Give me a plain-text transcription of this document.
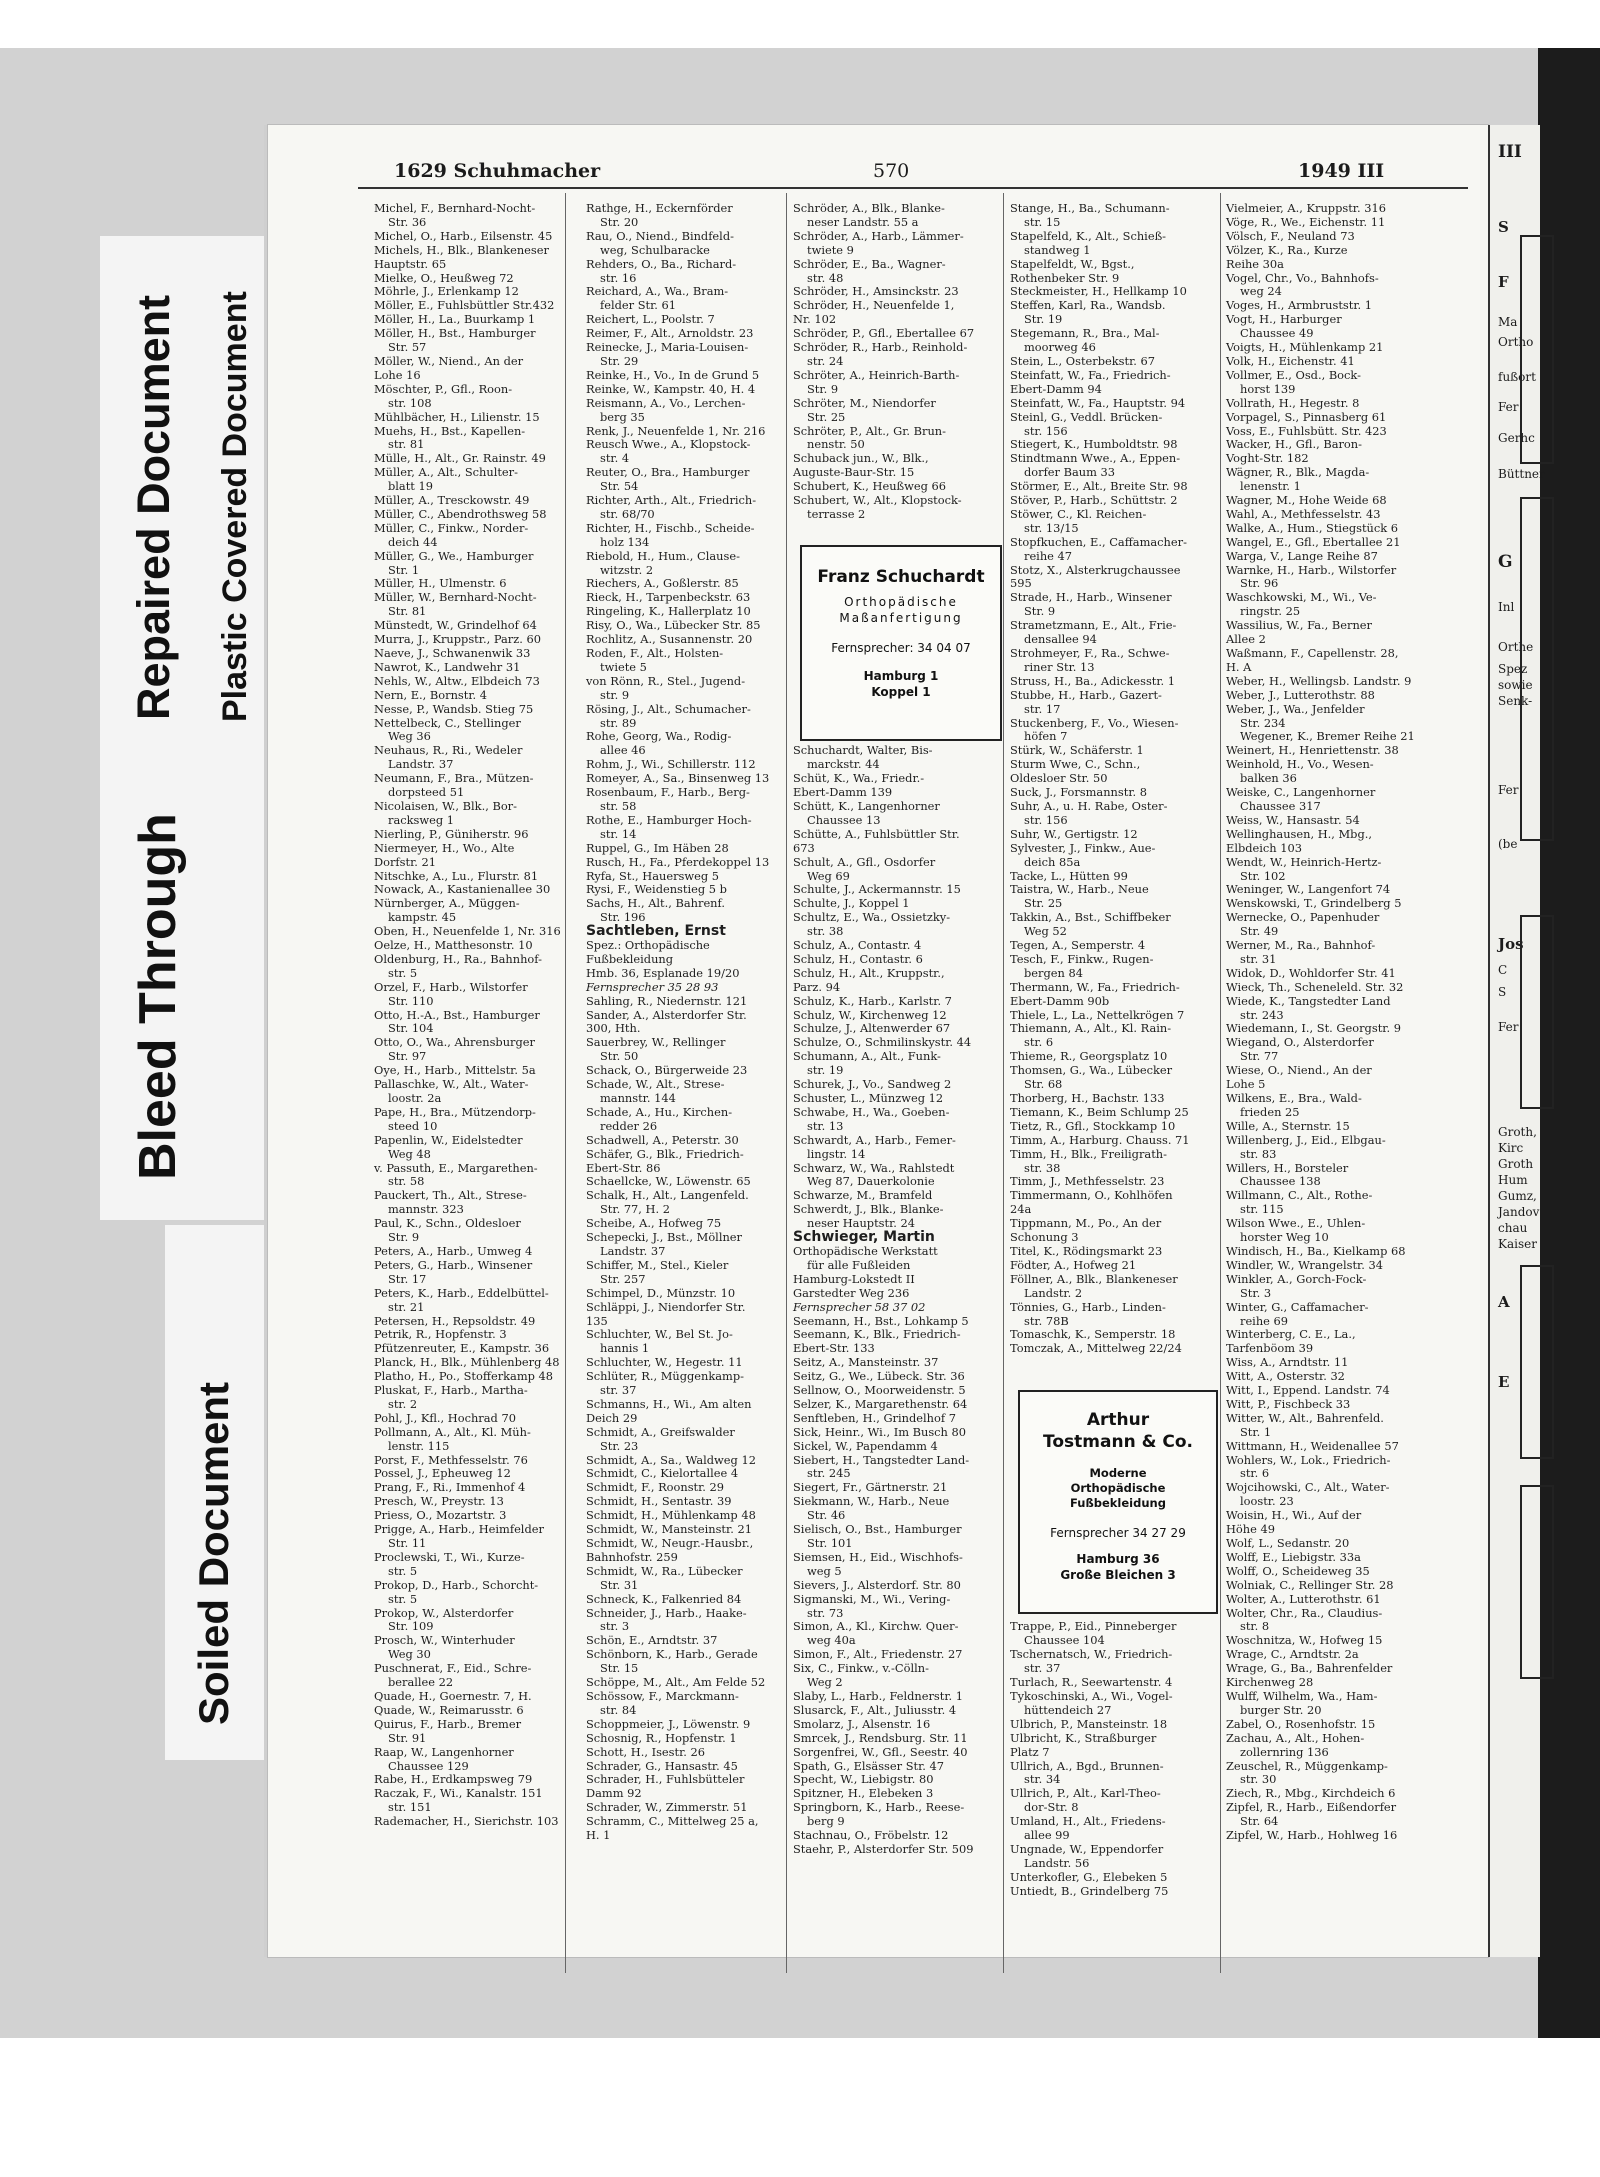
Bleed Through
Repaired Document Plastic Covered Document
Soiled Document
1629 Schuhmacher	570	1949 III
Michel, F., Bernhard-Nocht-
Str. 36
Michel, O., Harb., Eilsenstr. 45
Michels, H., Blk., Blankeneser
Hauptstr. 65
Mielke, O., Heußweg 72
Möhrle, J., Erlenkamp 12
Möller, E., Fuhlsbüttler Str.432
Möller, H., La., Buurkamp 1
Möller, H., Bst., Hamburger
Str. 57
Möller, W., Niend., An der
Lohe 16
Möschter, P., Gfl., Roon-
str. 108
Mühlbächer, H., Lilienstr. 15
Muehs, H., Bst., Kapellen-
str. 81
Mülle, H., Alt., Gr. Rainstr. 49
Müller, A., Alt., Schulter-
blatt 19
Müller, A., Tresckowstr. 49
Müller, C., Abendrothsweg 58
Müller, C., Finkw., Norder-
deich 44
Müller, G., We., Hamburger
Str. 1
Müller, H., Ulmenstr. 6
Müller, W., Bernhard-Nocht-
Str. 81
Münstedt, W., Grindelhof 64
Murra, J., Kruppstr., Parz. 60
Naeve, J., Schwanenwik 33
Nawrot, K., Landwehr 31
Nehls, W., Altw., Elbdeich 73
Nern, E., Bornstr. 4
Nesse, P., Wandsb. Stieg 75
Nettelbeck, C., Stellinger
Weg 36
Neuhaus, R., Ri., Wedeler
Landstr. 37
Neumann, F., Bra., Mützen-
dorpsteed 51
Nicolaisen, W., Blk., Bor-
racksweg 1
Nierling, P., Güniherstr. 96
Niermeyer, H., Wo., Alte
Dorfstr. 21
Nitschke, A., Lu., Flurstr. 81
Nowack, A., Kastanienallee 30
Nürnberger, A., Müggen-
kampstr. 45
Oben, H., Neuenfelde 1, Nr. 316
Oelze, H., Matthesonstr. 10
Oldenburg, H., Ra., Bahnhof-
str. 5
Orzel, F., Harb., Wilstorfer
Str. 110
Otto, H.-A., Bst., Hamburger
Str. 104
Otto, O., Wa., Ahrensburger
Str. 97
Oye, H., Harb., Mittelstr. 5a
Pallaschke, W., Alt., Water-
loostr. 2a
Pape, H., Bra., Mützendorp-
steed 10
Papenlin, W., Eidelstedter
Weg 48
v. Passuth, E., Margarethen-
str. 58
Pauckert, Th., Alt., Strese-
mannstr. 323
Paul, K., Schn., Oldesloer
Str. 9
Peters, A., Harb., Umweg 4
Peters, G., Harb., Winsener
Str. 17
Peters, K., Harb., Eddelbüttel-
str. 21
Petersen, H., Repsoldstr. 49
Petrik, R., Hopfenstr. 3
Pfützenreuter, E., Kampstr. 36
Planck, H., Blk., Mühlenberg 48
Platho, H., Po., Stofferkamp 48
Pluskat, F., Harb., Martha-
str. 2
Pohl, J., Kfl., Hochrad 70
Pollmann, A., Alt., Kl. Müh-
lenstr. 115
Porst, F., Methfesselstr. 76
Possel, J., Epheuweg 12
Prang, F., Ri., Immenhof 4
Presch, W., Preystr. 13
Priess, O., Mozartstr. 3
Prigge, A., Harb., Heimfelder
Str. 11
Proclewski, T., Wi., Kurze-
str. 5
Prokop, D., Harb., Schorcht-
str. 5
Prokop, W., Alsterdorfer
Str. 109
Prosch, W., Winterhuder
Weg 30
Puschnerat, F., Eid., Schre-
berallee 22
Quade, H., Goernestr. 7, H.
Quade, W., Reimarusstr. 6
Quirus, F., Harb., Bremer
Str. 91
Raap, W., Langenhorner
Chaussee 129
Rabe, H., Erdkampsweg 79
Raczak, F., Wi., Kanalstr. 151
str. 151
Rademacher, H., Sierichstr. 103
Rathge, H., Eckernförder
Str. 20
Rau, O., Niend., Bindfeld-
weg, Schulbaracke
Rehders, O., Ba., Richard-
str. 16
Reichard, A., Wa., Bram-
felder Str. 61
Reichert, L., Poolstr. 7
Reimer, F., Alt., Arnoldstr. 23
Reinecke, J., Maria-Louisen-
Str. 29
Reinke, H., Vo., In de Grund 5
Reinke, W., Kampstr. 40, H. 4
Reismann, A., Vo., Lerchen-
berg 35
Renk, J., Neuenfelde 1, Nr. 216
Reusch Wwe., A., Klopstock-
str. 4
Reuter, O., Bra., Hamburger
Str. 54
Richter, Arth., Alt., Friedrich-
str. 68/70
Richter, H., Fischb., Scheide-
holz 134
Riebold, H., Hum., Clause-
witzstr. 2
Riechers, A., Goßlerstr. 85
Rieck, H., Tarpenbeckstr. 63
Ringeling, K., Hallerplatz 10
Risy, O., Wa., Lübecker Str. 85
Rochlitz, A., Susannenstr. 20
Roden, F., Alt., Holsten-
twiete 5
von Rönn, R., Stel., Jugend-
str. 9
Rösing, J., Alt., Schumacher-
str. 89
Rohe, Georg, Wa., Rodig-
allee 46
Rohm, J., Wi., Schillerstr. 112
Romeyer, A., Sa., Binsenweg 13
Rosenbaum, F., Harb., Berg-
str. 58
Rothe, E., Hamburger Hoch-
str. 14
Ruppel, G., Im Häben 28
Rusch, H., Fa., Pferdekoppel 13
Ryfa, St., Hauersweg 5
Rysi, F., Weidenstieg 5 b
Sachs, H., Alt., Bahrenf.
Str. 196
Sachtleben, Ernst
Spez.: Orthopädische
Fußbekleidung
Hmb. 36, Esplanade 19/20
Fernsprecher 35 28 93
Sahling, R., Niedernstr. 121
Sander, A., Alsterdorfer Str.
300, Hth.
Sauerbrey, W., Rellinger
Str. 50
Schack, O., Bürgerweide 23
Schade, W., Alt., Strese-
mannstr. 144
Schade, A., Hu., Kirchen-
redder 26
Schadwell, A., Peterstr. 30
Schäfer, G., Blk., Friedrich-
Ebert-Str. 86
Schaellcke, W., Löwenstr. 65
Schalk, H., Alt., Langenfeld.
Str. 77, H. 2
Scheibe, A., Hofweg 75
Schepecki, J., Bst., Möllner
Landstr. 37
Schiffer, M., Stel., Kieler
Str. 257
Schimpel, D., Münzstr. 10
Schläppi, J., Niendorfer Str.
135
Schluchter, W., Bel St. Jo-
hannis 1
Schluchter, W., Hegestr. 11
Schlüter, R., Müggenkamp-
str. 37
Schmanns, H., Wi., Am alten
Deich 29
Schmidt, A., Greifswalder
Str. 23
Schmidt, A., Sa., Waldweg 12
Schmidt, C., Kielortallee 4
Schmidt, F., Roonstr. 29
Schmidt, H., Sentastr. 39
Schmidt, H., Mühlenkamp 48
Schmidt, W., Mansteinstr. 21
Schmidt, W., Neugr.-Hausbr.,
Bahnhofstr. 259
Schmidt, W., Ra., Lübecker
Str. 31
Schneck, K., Falkenried 84
Schneider, J., Harb., Haake-
str. 3
Schön, E., Arndtstr. 37
Schönborn, K., Harb., Gerade
Str. 15
Schöppe, M., Alt., Am Felde 52
Schössow, F., Marckmann-
str. 84
Schoppmeier, J., Löwenstr. 9
Schosnig, R., Hopfenstr. 1
Schott, H., Isestr. 26
Schrader, G., Hansastr. 45
Schrader, H., Fuhlsbütteler
Damm 92
Schrader, W., Zimmerstr. 51
Schramm, C., Mittelweg 25 a,
H. 1
Schröder, A., Blk., Blanke-
neser Landstr. 55 a
Schröder, A., Harb., Lämmer-
twiete 9
Schröder, E., Ba., Wagner-
str. 48
Schröder, H., Amsinckstr. 23
Schröder, H., Neuenfelde 1,
Nr. 102
Schröder, P., Gfl., Ebertallee 67
Schröder, R., Harb., Reinhold-
str. 24
Schröter, A., Heinrich-Barth-
Str. 9
Schröter, M., Niendorfer
Str. 25
Schröter, P., Alt., Gr. Brun-
nenstr. 50
Schuback jun., W., Blk.,
Auguste-Baur-Str. 15
Schubert, K., Heußweg 66
Schubert, W., Alt., Klopstock-
terrasse 2

Schuchardt, Walter, Bis-
marckstr. 44
Schüt, K., Wa., Friedr.-
Ebert-Damm 139
Schütt, K., Langenhorner
Chaussee 13
Schütte, A., Fuhlsbüttler Str.
673
Schult, A., Gfl., Osdorfer
Weg 69
Schulte, J., Ackermannstr. 15
Schulte, J., Koppel 1
Schultz, E., Wa., Ossietzky-
str. 38
Schulz, A., Contastr. 4
Schulz, H., Contastr. 6
Schulz, H., Alt., Kruppstr.,
Parz. 94
Schulz, K., Harb., Karlstr. 7
Schulz, W., Kirchenweg 12
Schulze, J., Altenwerder 67
Schulze, O., Schmilinskystr. 44
Schumann, A., Alt., Funk-
str. 19
Schurek, J., Vo., Sandweg 2
Schuster, L., Münzweg 12
Schwabe, H., Wa., Goeben-
str. 13
Schwardt, A., Harb., Femer-
lingstr. 14
Schwarz, W., Wa., Rahlstedt
Weg 87, Dauerkolonie
Schwarze, M., Bramfeld
Schwerdt, J., Blk., Blanke-
neser Hauptstr. 24
Schwieger, Martin
Orthopädische Werkstatt
für alle Fußleiden
Hamburg-Lokstedt II
Garstedter Weg 236
Fernsprecher 58 37 02
Seemann, H., Bst., Lohkamp 5
Seemann, K., Blk., Friedrich-
Ebert-Str. 133
Seitz, A., Mansteinstr. 37
Seitz, G., We., Lübeck. Str. 36
Sellnow, O., Moorweidenstr. 5
Selzer, K., Margarethenstr. 64
Senftleben, H., Grindelhof 7
Sick, Heinr., Wi., Im Busch 80
Sickel, W., Papendamm 4
Siebert, H., Tangstedter Land-
str. 245
Siegert, Fr., Gärtnerstr. 21
Siekmann, W., Harb., Neue
Str. 46
Sielisch, O., Bst., Hamburger
Str. 101
Siemsen, H., Eid., Wischhofs-
weg 5
Sievers, J., Alsterdorf. Str. 80
Sigmanski, M., Wi., Vering-
str. 73
Simon, A., Kl., Kirchw. Quer-
weg 40a
Simon, F., Alt., Friedenstr. 27
Six, C., Finkw., v.-Cölln-
Weg 2
Slaby, L., Harb., Feldnerstr. 1
Slusarck, F., Alt., Juliusstr. 4
Smolarz, J., Alsenstr. 16
Smrcek, J., Rendsburg. Str. 11
Sorgenfrei, W., Gfl., Seestr. 40
Spath, G., Elsässer Str. 47
Specht, W., Liebigstr. 80
Spitzner, H., Elebeken 3
Springborn, K., Harb., Reese-
berg 9
Stachnau, O., Fröbelstr. 12
Staehr, P., Alsterdorfer Str. 509
Stange, H., Ba., Schumann-
str. 15
Stapelfeld, K., Alt., Schieß-
standweg 1
Stapelfeldt, W., Bgst.,
Rothenbeker Str. 9
Steckmeister, H., Hellkamp 10
Steffen, Karl, Ra., Wandsb.
Str. 19
Stegemann, R., Bra., Mal-
moorweg 46
Stein, L., Osterbekstr. 67
Steinfatt, W., Fa., Friedrich-
Ebert-Damm 94
Steinfatt, W., Fa., Hauptstr. 94
Steinl, G., Veddl. Brücken-
str. 156
Stiegert, K., Humboldtstr. 98
Stindtmann Wwe., A., Eppen-
dorfer Baum 33
Störmer, E., Alt., Breite Str. 98
Stöver, P., Harb., Schüttstr. 2
Stöwer, C., Kl. Reichen-
str. 13/15
Stopfkuchen, E., Caffamacher-
reihe 47
Stotz, X., Alsterkrugchaussee
595
Strade, H., Harb., Winsener
Str. 9
Strametzmann, E., Alt., Frie-
densallee 94
Strohmeyer, F., Ra., Schwe-
riner Str. 13
Struss, H., Ba., Adickesstr. 1
Stubbe, H., Harb., Gazert-
str. 17
Stuckenberg, F., Vo., Wiesen-
höfen 7
Stürk, W., Schäferstr. 1
Sturm Wwe, C., Schn.,
Oldesloer Str. 50
Suck, J., Forsmannstr. 8
Suhr, A., u. H. Rabe, Oster-
str. 156
Suhr, W., Gertigstr. 12
Sylvester, J., Finkw., Aue-
deich 85a
Tacke, L., Hütten 99
Taistra, W., Harb., Neue
Str. 25
Takkin, A., Bst., Schiffbeker
Weg 52
Tegen, A., Semperstr. 4
Tesch, F., Finkw., Rugen-
bergen 84
Thermann, W., Fa., Friedrich-
Ebert-Damm 90b
Thiele, L., La., Nettelkrögen 7
Thiemann, A., Alt., Kl. Rain-
str. 6
Thieme, R., Georgsplatz 10
Thomsen, G., Wa., Lübecker
Str. 68
Thorberg, H., Bachstr. 133
Tiemann, K., Beim Schlump 25
Tietz, R., Gfl., Stockkamp 10
Timm, A., Harburg. Chauss. 71
Timm, H., Blk., Freiligrath-
str. 38
Timm, J., Methfesselstr. 23
Timmermann, O., Kohlhöfen
24a
Tippmann, M., Po., An der
Schonung 3
Titel, K., Rödingsmarkt 23
Födter, A., Hofweg 21
Föllner, A., Blk., Blankeneser
Landstr. 2
Tönnies, G., Harb., Linden-
str. 78B
Tomaschk, K., Semperstr. 18
Tomczak, A., Mittelweg 22/24

Trappe, P., Eid., Pinneberger
Chaussee 104
Tschernatsch, W., Friedrich-
str. 37
Turlach, R., Seewartenstr. 4
Tykoschinski, A., Wi., Vogel-
hüttendeich 27
Ulbrich, P., Mansteinstr. 18
Ulbricht, K., Straßburger
Platz 7
Ullrich, A., Bgd., Brunnen-
str. 34
Ullrich, P., Alt., Karl-Theo-
dor-Str. 8
Umland, H., Alt., Friedens-
allee 99
Ungnade, W., Eppendorfer
Landstr. 56
Unterkofler, G., Elebeken 5
Untiedt, B., Grindelberg 75
Vielmeier, A., Kruppstr. 316
Vöge, R., We., Eichenstr. 11
Völsch, F., Neuland 73
Völzer, K., Ra., Kurze
Reihe 30a
Vogel, Chr., Vo., Bahnhofs-
weg 24
Voges, H., Armbruststr. 1
Vogt, H., Harburger
Chaussee 49
Voigts, H., Mühlenkamp 21
Volk, H., Eichenstr. 41
Vollmer, E., Osd., Bock-
horst 139
Vollrath, H., Hegestr. 8
Vorpagel, S., Pinnasberg 61
Voss, E., Fuhlsbütt. Str. 423
Wacker, H., Gfl., Baron-
Voght-Str. 182
Wägner, R., Blk., Magda-
lenenstr. 1
Wagner, M., Hohe Weide 68
Wahl, A., Methfesselstr. 43
Walke, A., Hum., Stiegstück 6
Wangel, E., Gfl., Ebertallee 21
Warga, V., Lange Reihe 87
Warnke, H., Harb., Wilstorfer
Str. 96
Waschkowski, M., Wi., Ve-
ringstr. 25
Wassilius, W., Fa., Berner
Allee 2
Waßmann, F., Capellenstr. 28,
H. A
Weber, H., Wellingsb. Landstr. 9
Weber, J., Lutterothstr. 88
Weber, J., Wa., Jenfelder
Str. 234
Wegener, K., Bremer Reihe 21
Weinert, H., Henriettenstr. 38
Weinhold, H., Vo., Wesen-
balken 36
Weiske, C., Langenhorner
Chaussee 317
Weiss, W., Hansastr. 54
Wellinghausen, H., Mbg.,
Elbdeich 103
Wendt, W., Heinrich-Hertz-
Str. 102
Weninger, W., Langenfort 74
Wenskowski, T., Grindelberg 5
Wernecke, O., Papenhuder
Str. 49
Werner, M., Ra., Bahnhof-
str. 31
Widok, D., Wohldorfer Str. 41
Wieck, Th., Scheneleld. Str. 32
Wiede, K., Tangstedter Land
str. 243
Wiedemann, I., St. Georgstr. 9
Wiegand, O., Alsterdorfer
Str. 77
Wiese, O., Niend., An der
Lohe 5
Wilkens, E., Bra., Wald-
frieden 25
Wille, A., Sternstr. 15
Willenberg, J., Eid., Elbgau-
str. 83
Willers, H., Borsteler
Chaussee 138
Willmann, C., Alt., Rothe-
str. 115
Wilson Wwe., E., Uhlen-
horster Weg 10
Windisch, H., Ba., Kielkamp 68
Windler, W., Wrangelstr. 34
Winkler, A., Gorch-Fock-
Str. 3
Winter, G., Caffamacher-
reihe 69
Winterberg, C. E., La.,
Tarfenböom 39
Wiss, A., Arndtstr. 11
Witt, A., Osterstr. 32
Witt, I., Eppend. Landstr. 74
Witt, P., Fischbeck 33
Witter, W., Alt., Bahrenfeld.
Str. 1
Wittmann, H., Weidenallee 57
Wohlers, W., Lok., Friedrich-
str. 6
Wojcihowski, C., Alt., Water-
loostr. 23
Woisin, H., Wi., Auf der
Höhe 49
Wolf, L., Sedanstr. 20
Wolff, E., Liebigstr. 33a
Wolff, O., Scheideweg 35
Wolniak, C., Rellinger Str. 28
Wolter, A., Lutterothstr. 61
Wolter, Chr., Ra., Claudius-
str. 8
Woschnitza, W., Hofweg 15
Wrage, C., Arndtstr. 2a
Wrage, G., Ba., Bahrenfelder
Kirchenweg 28
Wulff, Wilhelm, Wa., Ham-
burger Str. 20
Zabel, O., Rosenhofstr. 15
Zachau, A., Alt., Hohen-
zollernring 136
Zeuschel, R., Müggenkamp-
str. 30
Ziech, R., Mbg., Kirchdeich 6
Zipfel, R., Harb., Eißendorfer
Str. 64
Zipfel, W., Harb., Hohlweg 16
Franz Schuchardt
Orthopädische
Maßanfertigung
Fernsprecher: 34 04 07
Hamburg 1
Koppel 1
Arthur
Tostmann & Co.
Moderne
Orthopädische
Fußbekleidung
Fernsprecher 34 27 29
Hamburg 36
Große Bleichen 3
III
S
F
Ma
Ortho
fußort
Fer
Gerhc
Büttner
G
Inl
Orthe
Spez
sowie
Senk-
Fer
(be
Jos
C
S
Fer
Groth,
Kirc
Groth
Hum
Gumz,
Jandov
chau
Kaiser
A
E
